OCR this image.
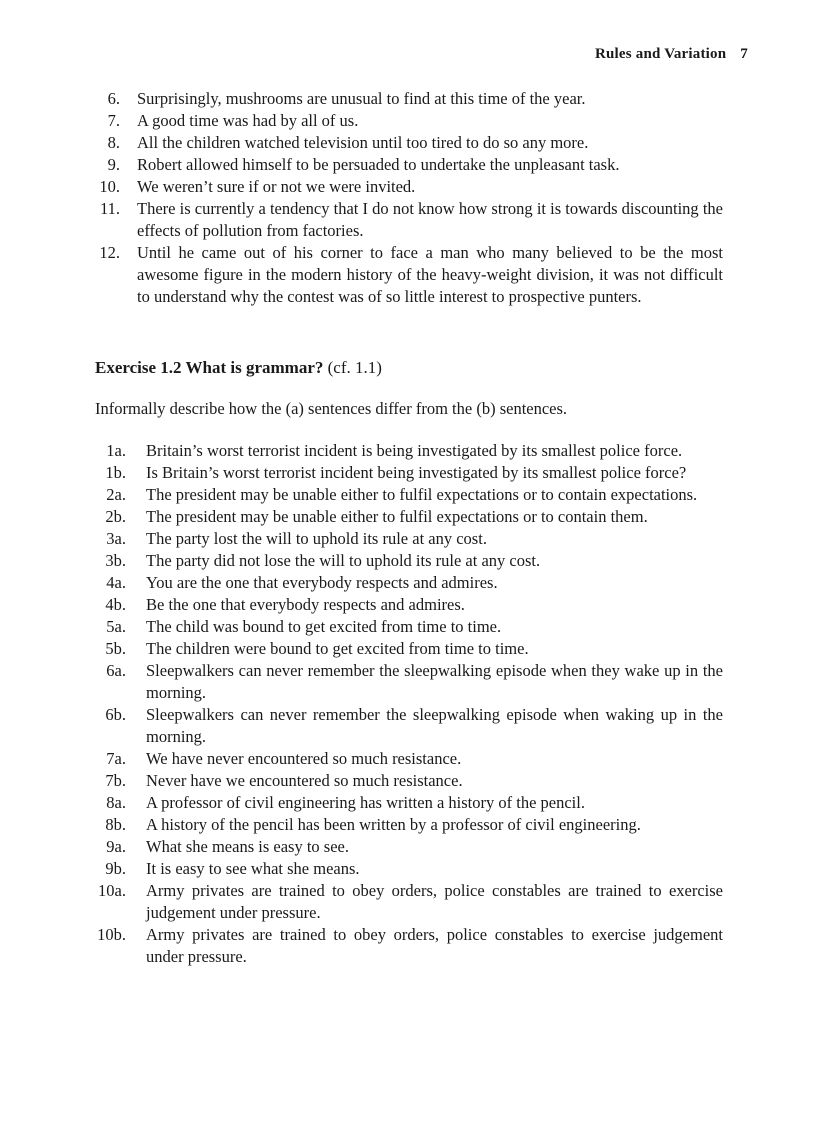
Rules and Variation 7
6. Surprisingly, mushrooms are unusual to find at this time of the year.
7. A good time was had by all of us.
8. All the children watched television until too tired to do so any more.
9. Robert allowed himself to be persuaded to undertake the unpleasant task.
10. We weren’t sure if or not we were invited.
11. There is currently a tendency that I do not know how strong it is towards discounting the effects of pollution from factories.
12. Until he came out of his corner to face a man who many believed to be the most awesome figure in the modern history of the heavy-weight division, it was not difficult to understand why the contest was of so little interest to prospective punters.
Exercise 1.2 What is grammar? (cf. 1.1)
Informally describe how the (a) sentences differ from the (b) sentences.
1a. Britain’s worst terrorist incident is being investigated by its smallest police force.
1b. Is Britain’s worst terrorist incident being investigated by its smallest police force?
2a. The president may be unable either to fulfil expectations or to contain expectations.
2b. The president may be unable either to fulfil expectations or to contain them.
3a. The party lost the will to uphold its rule at any cost.
3b. The party did not lose the will to uphold its rule at any cost.
4a. You are the one that everybody respects and admires.
4b. Be the one that everybody respects and admires.
5a. The child was bound to get excited from time to time.
5b. The children were bound to get excited from time to time.
6a. Sleepwalkers can never remember the sleepwalking episode when they wake up in the morning.
6b. Sleepwalkers can never remember the sleepwalking episode when waking up in the morning.
7a. We have never encountered so much resistance.
7b. Never have we encountered so much resistance.
8a. A professor of civil engineering has written a history of the pencil.
8b. A history of the pencil has been written by a professor of civil engineering.
9a. What she means is easy to see.
9b. It is easy to see what she means.
10a. Army privates are trained to obey orders, police constables are trained to exercise judgement under pressure.
10b. Army privates are trained to obey orders, police constables to exercise judgement under pressure.
